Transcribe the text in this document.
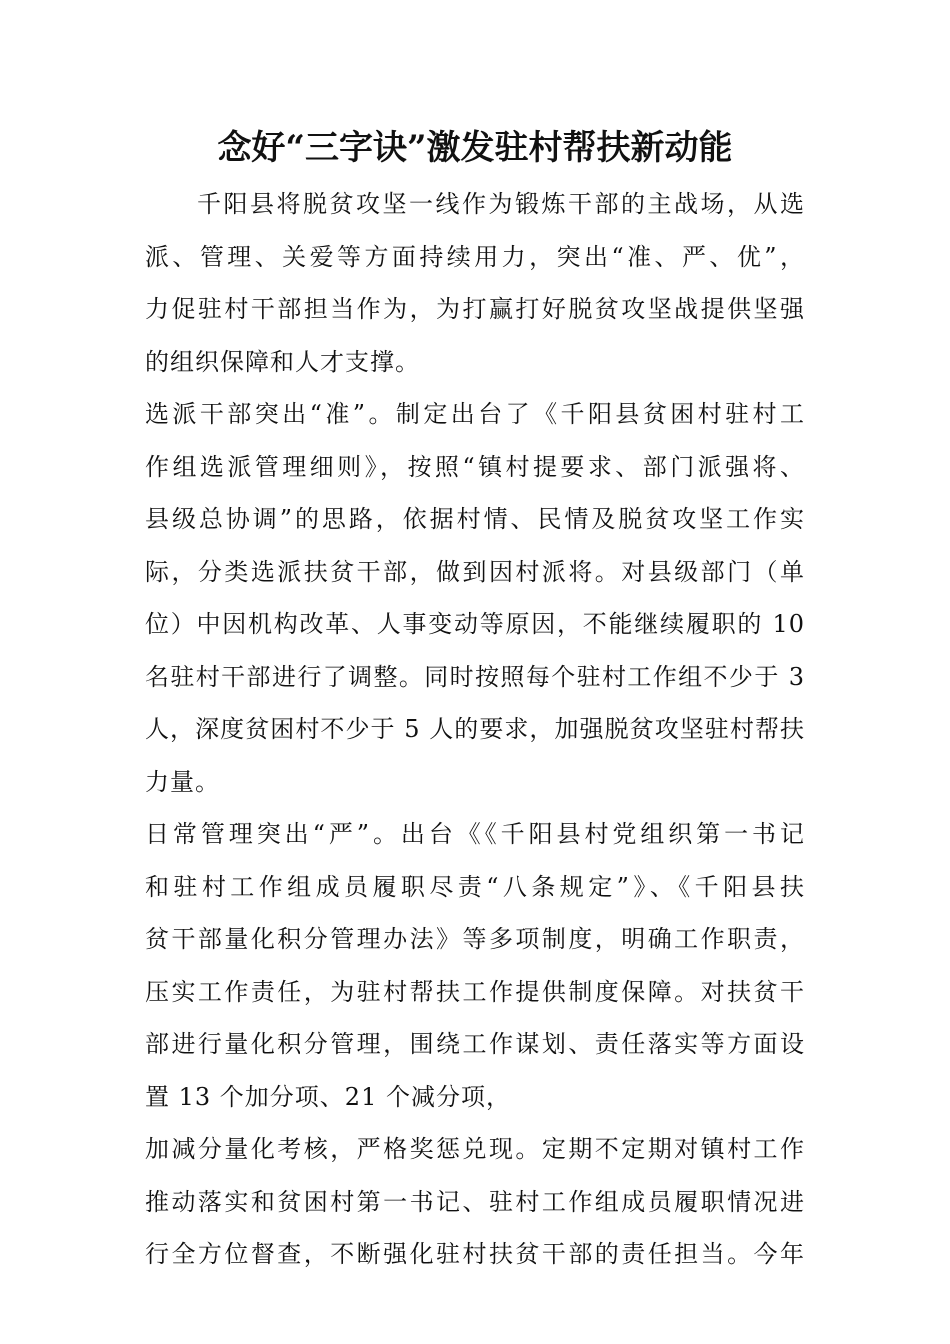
念好“三字诀”激发驻村帮扶新动能
千阳县将脱贫攻坚一线作为锻炼干部的主战场，从选
派、管理、关爱等方面持续用力，突出“准、严、优”，
力促驻村干部担当作为，为打赢打好脱贫攻坚战提供坚强
的组织保障和人才支撑。
选派干部突出“准”。制定出台了《千阳县贫困村驻村工
作组选派管理细则》，按照“镇村提要求、部门派强将、
县级总协调”的思路，依据村情、民情及脱贫攻坚工作实
际，分类选派扶贫干部，做到因村派将。对县级部门（单
位）中因机构改革、人事变动等原因，不能继续履职的 10
名驻村干部进行了调整。同时按照每个驻村工作组不少于 3
人，深度贫困村不少于 5 人的要求，加强脱贫攻坚驻村帮扶
力量。
日常管理突出“严”。出台《《千阳县村党组织第一书记
和驻村工作组成员履职尽责“八条规定”》、《千阳县扶
贫干部量化积分管理办法》等多项制度，明确工作职责，
压实工作责任，为驻村帮扶工作提供制度保障。对扶贫干
部进行量化积分管理，围绕工作谋划、责任落实等方面设
置 13 个加分项、21 个减分项，
加减分量化考核，严格奖惩兑现。定期不定期对镇村工作
推动落实和贫困村第一书记、驻村工作组成员履职情况进
行全方位督查，不断强化驻村扶贫干部的责任担当。今年
